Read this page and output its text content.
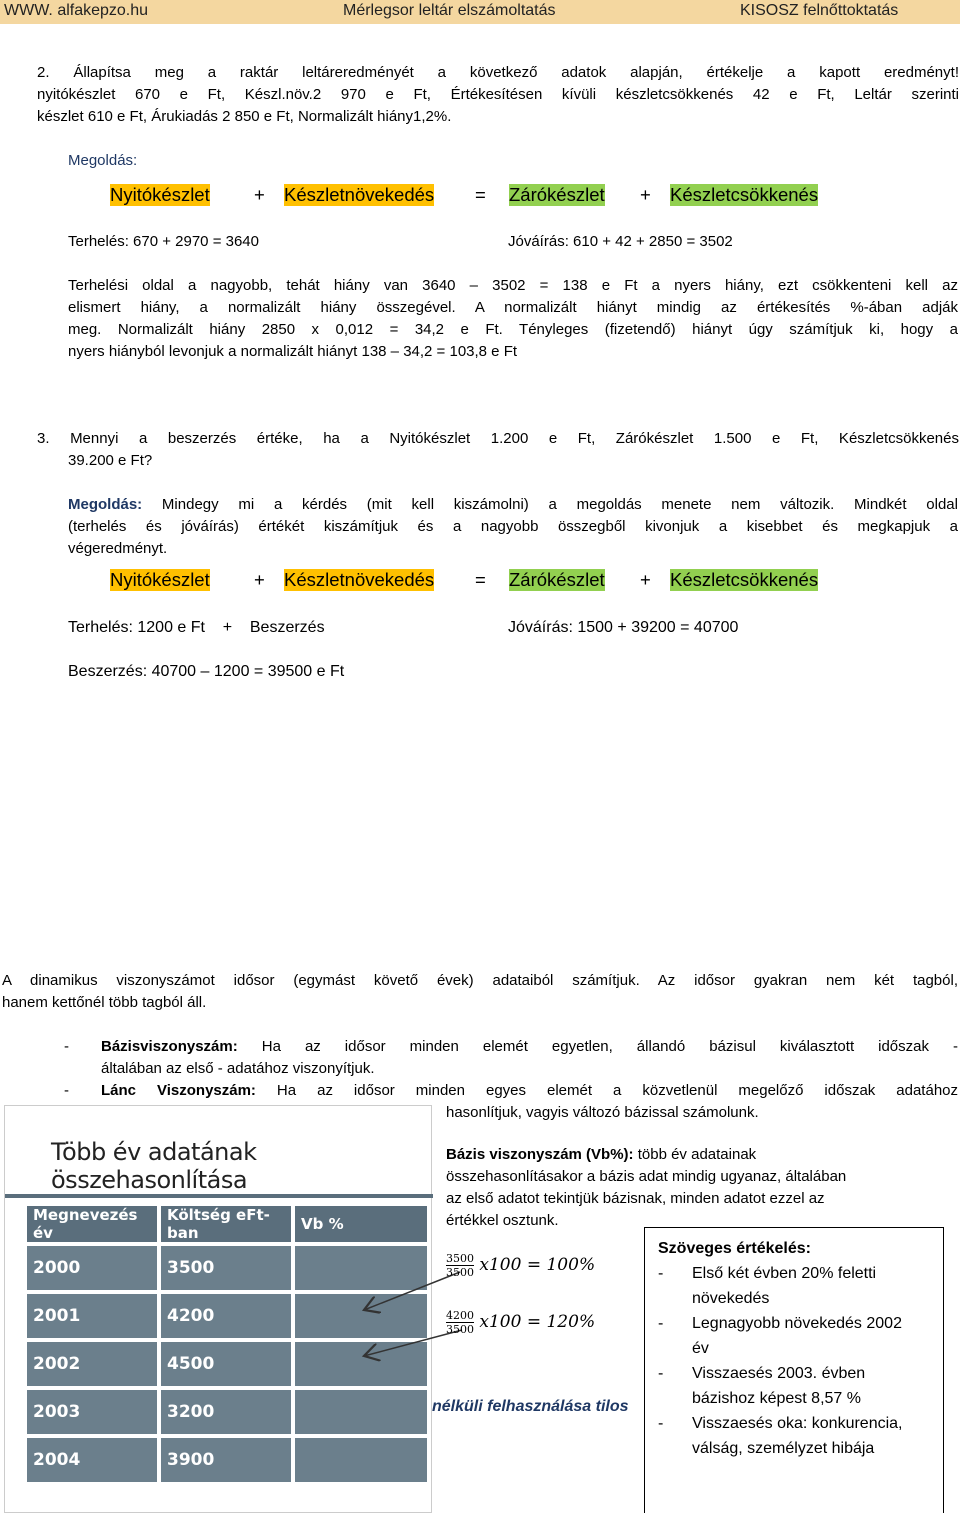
WWW. alfakepzo.hu	Mérlegsor leltár elszámoltatás	KISOSZ felnőttoktatás
2. Állapítsa meg a raktár leltáreredményét a következő adatok alapján, értékelje a kapott eredményt!
nyitókészlet 670 e Ft, Készl.növ.2 970 e Ft, Értékesítésen kívüli készletcsökkenés 42 e Ft, Leltár szerinti
készlet 610 e Ft, Árukiadás 2 850 e Ft, Normalizált hiány1,2%.
Megoldás:
Nyitókészlet + Készletnövekedés = Zárókészlet + Készletcsökkenés
Terhelés: 670 + 2970 = 3640	Jóváírás: 610 + 42 + 2850 = 3502
Terhelési oldal a nagyobb, tehát hiány van 3640 – 3502 = 138 e Ft a nyers hiány, ezt csökkenteni kell az
elismert hiány, a normalizált hiány összegével. A normalizált hiányt mindig az értékesítés %-ában adják
meg. Normalizált hiány 2850 x 0,012 = 34,2 e Ft. Tényleges (fizetendő) hiányt úgy számítjuk ki, hogy a
nyers hiányból levonjuk a normalizált hiányt 138 – 34,2 = 103,8 e Ft
3. Mennyi a beszerzés értéke, ha a Nyitókészlet 1.200 e Ft, Zárókészlet 1.500 e Ft, Készletcsökkenés
39.200 e Ft?
Megoldás: Mindegy mi a kérdés (mit kell kiszámolni) a megoldás menete nem változik. Mindkét oldal
(terhelés és jóváírás) értékét kiszámítjuk és a nagyobb összegből kivonjuk a kisebbet és megkapjuk a
végeredményt.
Nyitókészlet + Készletnövekedés = Zárókészlet + Készletcsökkenés
Terhelés: 1200 e Ft    +    Beszerzés	Jóváírás: 1500 + 39200 = 40700
Beszerzés: 40700 – 1200 = 39500 e Ft
A dinamikus viszonyszámot idősor (egymást követő évek) adataiból számítjuk. Az idősor gyakran nem két tagból,
hanem kettőnél több tagból áll.
- Bázisviszonyszám: Ha az idősor minden elemét egyetlen, állandó bázisul kiválasztott időszak -
általában az első - adatához viszonyítjuk.
- Lánc Viszonyszám: Ha az idősor minden egyes elemét a közvetlenül megelőző időszak adatához
hasonlítjuk, vagyis változó bázissal számolunk.
Több év adatának összehasonlítása
Megnevezés év	Költség eFt-ban	Vb %
2000	3500	
2001	4200	
2002	4500	
2003	3200	
2004	3900	
Bázis viszonyszám (Vb%): több év adatainak
összehasonlításakor a bázis adat mindig ugyanaz, általában
az első adatot tekintjük bázisnak, minden adatot ezzel az
értékkel osztunk.
$\frac{3500}{3500} x100 = 100\%$
$\frac{4200}{3500} x100 = 120\%$
nélküli felhasználása tilos
Szöveges értékelés:
- Első két évben 20% feletti
növekedés
- Legnagyobb növekedés 2002
év
- Visszaesés 2003. évben
bázishoz képest 8,57 %
- Visszaesés oka: konkurencia,
válság, személyzet hibája
